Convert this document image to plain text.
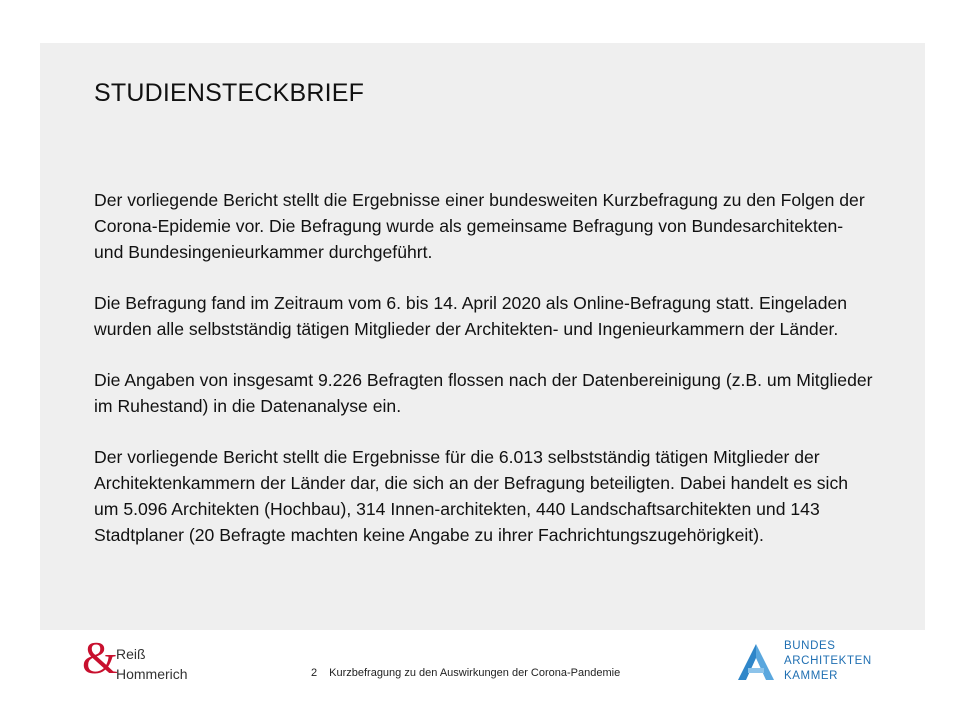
STUDIENSTECKBRIEF

Der vorliegende Bericht stellt die Ergebnisse einer bundesweiten Kurzbefragung zu den Folgen der Corona-Epidemie vor. Die Befragung wurde als gemeinsame Befragung von Bundesarchitekten- und Bundesingenieurkammer durchgeführt.

Die Befragung fand im Zeitraum vom 6. bis 14. April 2020 als Online-Befragung statt. Eingeladen wurden alle selbstständig tätigen Mitglieder der Architekten- und Ingenieurkammern der Länder.

Die Angaben von insgesamt 9.226 Befragten flossen nach der Datenbereinigung (z.B. um Mitglieder im Ruhestand) in die Datenanalyse ein.

Der vorliegende Bericht stellt die Ergebnisse für die 6.013 selbstständig tätigen Mitglieder der Architektenkammern der Länder dar, die sich an der Befragung beteiligten. Dabei handelt es sich um 5.096 Architekten (Hochbau), 314 Innen-architekten, 440 Landschaftsarchitekten und 143 Stadtplaner (20 Befragte machten keine Angabe zu ihrer Fachrichtungszugehörigkeit).

&
Reiß
Hommerich	2 Kurzbefragung zu den Auswirkungen der Corona-Pandemie
BUNDES
ARCHITEKTEN
KAMMER
